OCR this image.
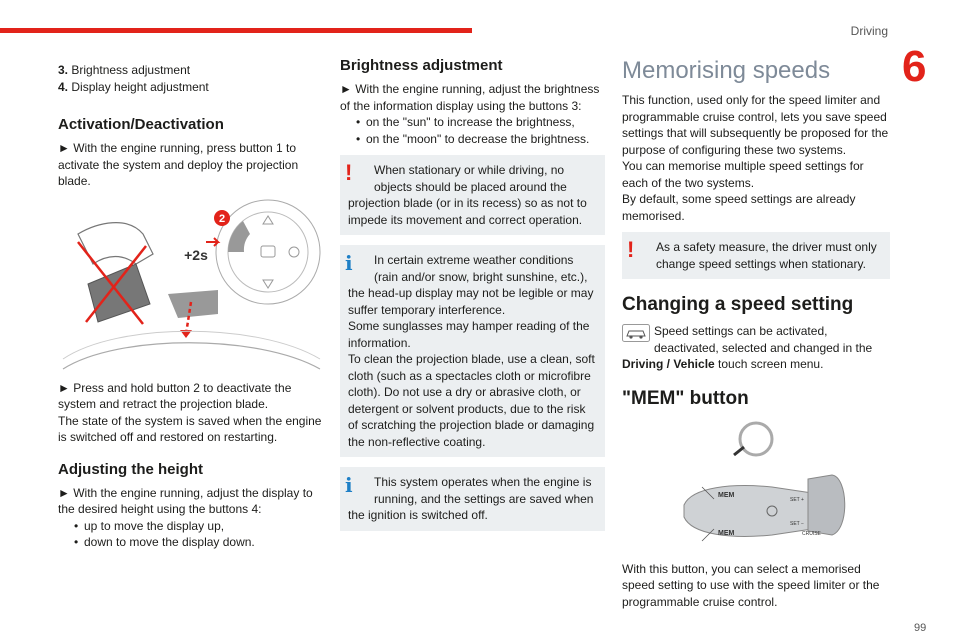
Driving
6

3. Brightness adjustment

4. Display height adjustment

Activation/Deactivation

► With the engine running, press button 1 to activate the system and deploy the projection blade.

2
+2s

► Press and hold button 2 to deactivate the system and retract the projection blade.

The state of the system is saved when the engine is switched off and restored on restarting.

Adjusting the height

► With the engine running, adjust the display to the desired height using the buttons 4:

• up to move the display up,
• down to move the display down.
Brightness adjustment

► With the engine running, adjust the brightness of the information display using the buttons 3:

• on the "sun" to increase the brightness,
• on the "moon" to decrease the brightness.
!	When stationary or while driving, no objects should be placed around the

projection blade (or in its recess) so as not to impede its movement and correct operation.

i	In certain extreme weather conditions (rain and/or snow, bright sunshine, etc.),

the head-up display may not be legible or may suffer temporary interference.

Some sunglasses may hamper reading of the information.

To clean the projection blade, use a clean, soft cloth (such as a spectacles cloth or microfibre cloth). Do not use a dry or abrasive cloth, or detergent or solvent products, due to the risk of scratching the projection blade or damaging the non-reflective coating.

i	This system operates when the engine is running, and the settings are saved when

the ignition is switched off.

Memorising speeds

This function, used only for the speed limiter and programmable cruise control, lets you save speed settings that will subsequently be proposed for the purpose of configuring these two systems.

You can memorise multiple speed settings for each of the two systems.

By default, some speed settings are already memorised.

!	As a safety measure, the driver must only change speed settings when stationary.

Changing a speed setting

Speed settings can be activated, deactivated, selected and changed in the

Driving / Vehicle touch screen menu.

"MEM" button
MEM
MEM
SET +
SET −
CRUISE

With this button, you can select a memorised speed setting to use with the speed limiter or the programmable cruise control.

99
